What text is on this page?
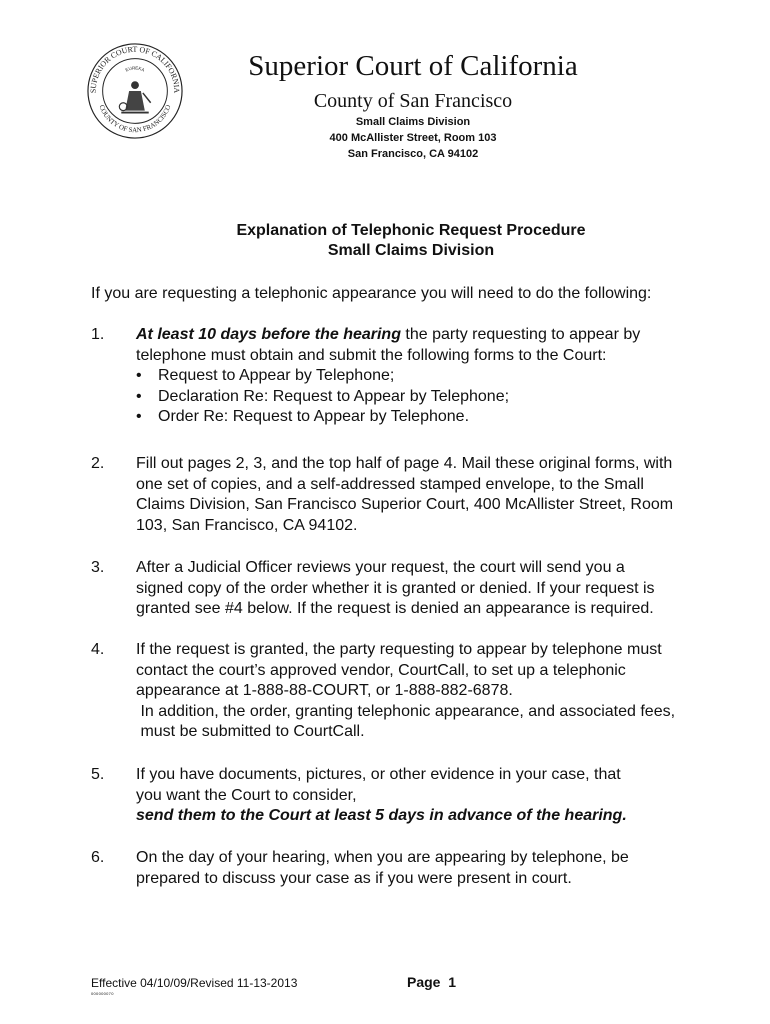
SUPERIOR COURT OF CALIFORNIA
COUNTY OF SAN FRANCISCO
EUREKA	Superior Court of California
County of San Francisco
Small Claims Division
400 McAllister Street, Room 103
San Francisco, CA 94102
Explanation of Telephonic Request Procedure
Small Claims Division
If you are requesting a telephonic appearance you will need to do the following:
1. At least 10 days before the hearing the party requesting to appear by
telephone must obtain and submit the following forms to the Court:
• Request to Appear by Telephone;
• Declaration Re: Request to Appear by Telephone;
• Order Re: Request to Appear by Telephone.
2. Fill out pages 2, 3, and the top half of page 4. Mail these original forms, with
one set of copies, and a self-addressed stamped envelope, to the Small
Claims Division, San Francisco Superior Court, 400 McAllister Street, Room
103, San Francisco, CA 94102.
3. After a Judicial Officer reviews your request, the court will send you a
signed copy of the order whether it is granted or denied. If your request is
granted see #4 below. If the request is denied an appearance is required.
4. If the request is granted, the party requesting to appear by telephone must
contact the court’s approved vendor, CourtCall, to set up a telephonic
appearance at 1-888-88-COURT, or 1-888-882-6878.
In addition, the order, granting telephonic appearance, and associated fees,
must be submitted to CourtCall.
5. If you have documents, pictures, or other evidence in your case, that
you want the Court to consider,
send them to the Court at least 5 days in advance of the hearing.
6. On the day of your hearing, when you are appearing by telephone, be
prepared to discuss your case as if you were present in court.
Effective 04/10/09/Revised 11-13-2013
000000070
Page  1
